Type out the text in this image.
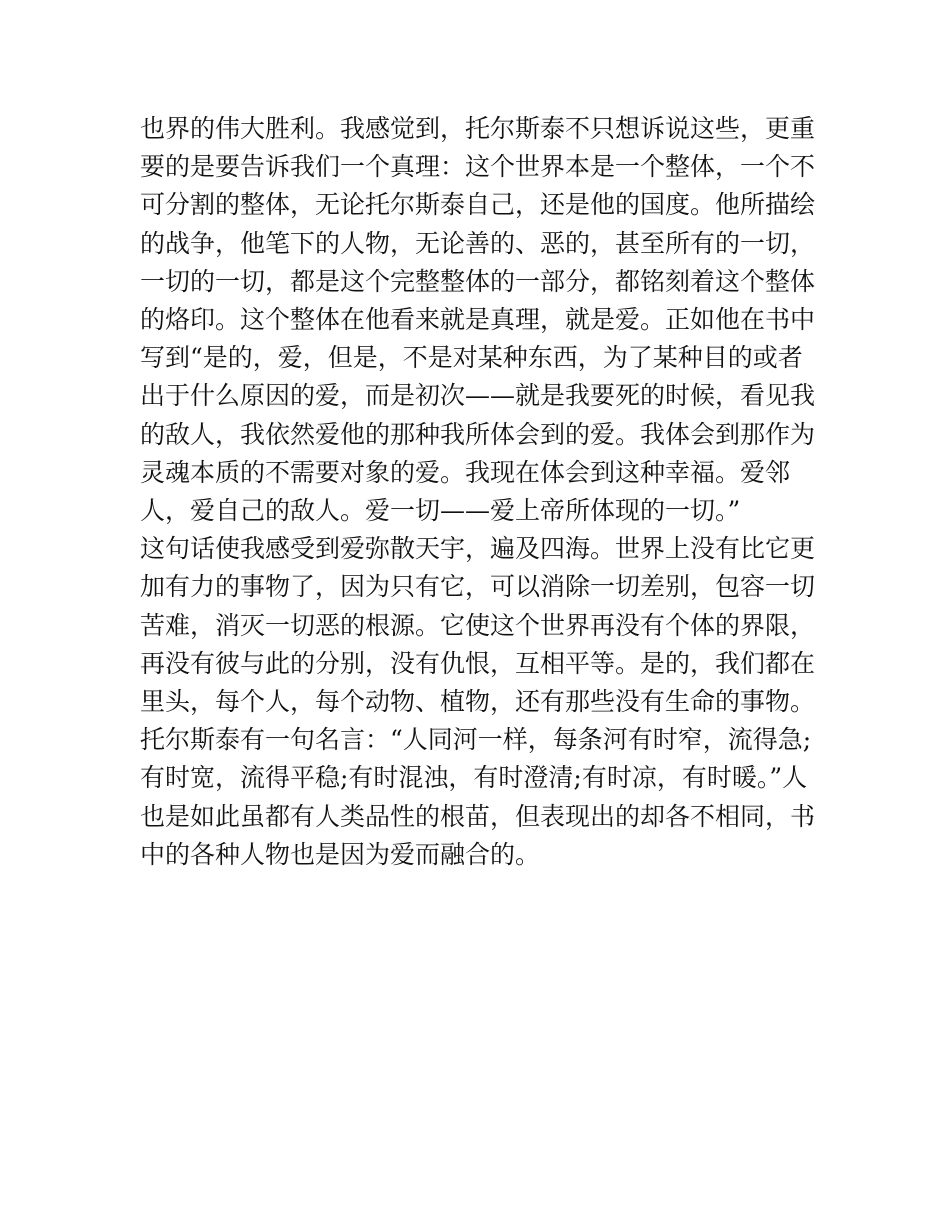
也界的伟大胜利。我感觉到，托尔斯泰不只想诉说这些，更重
要的是要告诉我们一个真理：这个世界本是一个整体，一个不
可分割的整体，无论托尔斯泰自己，还是他的国度。他所描绘
的战争，他笔下的人物，无论善的、恶的，甚至所有的一切，
一切的一切，都是这个完整整体的一部分，都铭刻着这个整体
的烙印。这个整体在他看来就是真理，就是爱。正如他在书中
写到“是的，爱，但是，不是对某种东西，为了某种目的或者
出于什么原因的爱，而是初次——就是我要死的时候，看见我
的敌人，我依然爱他的那种我所体会到的爱。我体会到那作为
灵魂本质的不需要对象的爱。我现在体会到这种幸福。爱邻
人，爱自己的敌人。爱一切——爱上帝所体现的一切。”
这句话使我感受到爱弥散天宇，遍及四海。世界上没有比它更
加有力的事物了，因为只有它，可以消除一切差别，包容一切
苦难，消灭一切恶的根源。它使这个世界再没有个体的界限，
再没有彼与此的分别，没有仇恨，互相平等。是的，我们都在
里头，每个人，每个动物、植物，还有那些没有生命的事物。
托尔斯泰有一句名言：“人同河一样，每条河有时窄，流得急;
有时宽，流得平稳;有时混浊，有时澄清;有时凉，有时暖。”人
也是如此虽都有人类品性的根苗，但表现出的却各不相同，书
中的各种人物也是因为爱而融合的。
